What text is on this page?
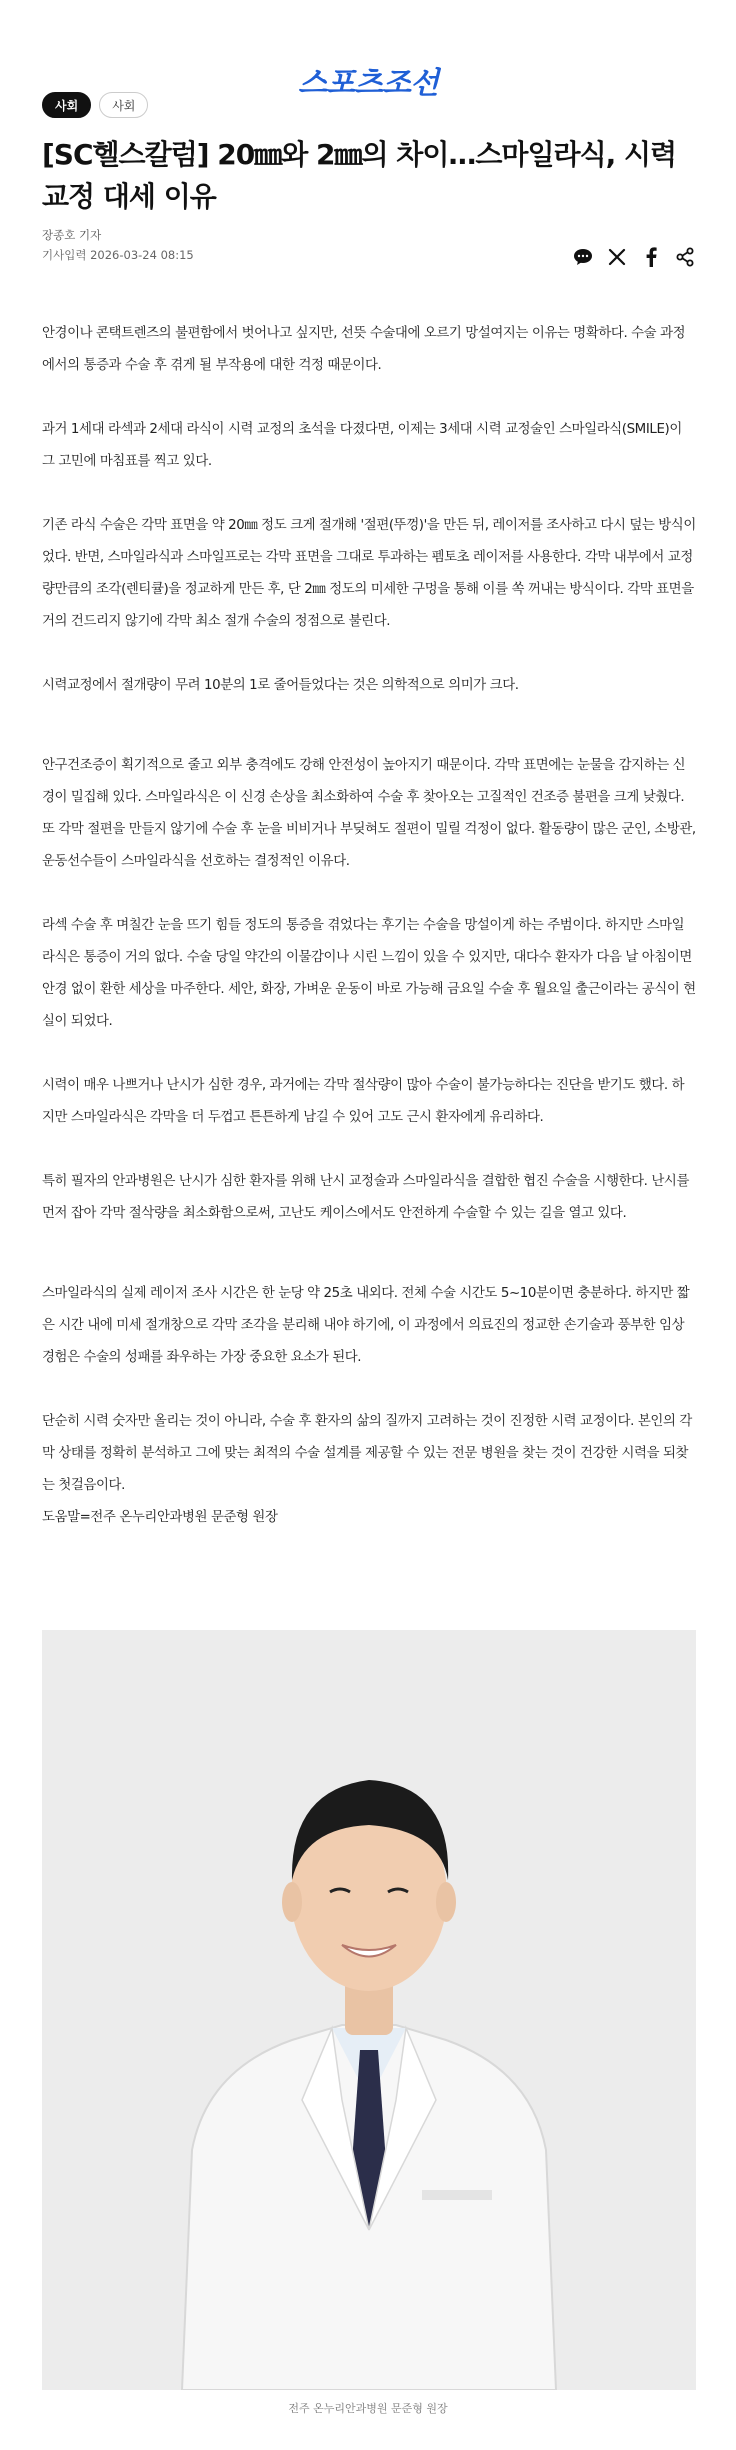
스포츠조선
사회	사회
[SC헬스칼럼] 20㎜와 2㎜의 차이…스마일라식, 시력 교정 대세 이유
장종호 기자
기사입력 2026-03-24 08:15

안경이나 콘택트렌즈의 불편함에서 벗어나고 싶지만, 선뜻 수술대에 오르기 망설여지는 이유는 명확하다. 수술 과정에서의 통증과 수술 후 겪게 될 부작용에 대한 걱정 때문이다.

과거 1세대 라섹과 2세대 라식이 시력 교정의 초석을 다졌다면, 이제는 3세대 시력 교정술인 스마일라식(SMILE)이 그 고민에 마침표를 찍고 있다.

기존 라식 수술은 각막 표면을 약 20㎜ 정도 크게 절개해 '절편(뚜껑)'을 만든 뒤, 레이저를 조사하고 다시 덮는 방식이었다. 반면, 스마일라식과 스마일프로는 각막 표면을 그대로 투과하는 펨토초 레이저를 사용한다. 각막 내부에서 교정량만큼의 조각(렌티큘)을 정교하게 만든 후, 단 2㎜ 정도의 미세한 구멍을 통해 이를 쏙 꺼내는 방식이다. 각막 표면을 거의 건드리지 않기에 각막 최소 절개 수술의 정점으로 불린다.

시력교정에서 절개량이 무려 10분의 1로 줄어들었다는 것은 의학적으로 의미가 크다.

안구건조증이 획기적으로 줄고 외부 충격에도 강해 안전성이 높아지기 때문이다. 각막 표면에는 눈물을 감지하는 신경이 밀집해 있다. 스마일라식은 이 신경 손상을 최소화하여 수술 후 찾아오는 고질적인 건조증 불편을 크게 낮췄다. 또 각막 절편을 만들지 않기에 수술 후 눈을 비비거나 부딪혀도 절편이 밀릴 걱정이 없다. 활동량이 많은 군인, 소방관, 운동선수들이 스마일라식을 선호하는 결정적인 이유다.

라섹 수술 후 며칠간 눈을 뜨기 힘들 정도의 통증을 겪었다는 후기는 수술을 망설이게 하는 주범이다. 하지만 스마일라식은 통증이 거의 없다. 수술 당일 약간의 이물감이나 시린 느낌이 있을 수 있지만, 대다수 환자가 다음 날 아침이면 안경 없이 환한 세상을 마주한다. 세안, 화장, 가벼운 운동이 바로 가능해 금요일 수술 후 월요일 출근이라는 공식이 현실이 되었다.

시력이 매우 나쁘거나 난시가 심한 경우, 과거에는 각막 절삭량이 많아 수술이 불가능하다는 진단을 받기도 했다. 하지만 스마일라식은 각막을 더 두껍고 튼튼하게 남길 수 있어 고도 근시 환자에게 유리하다.

특히 필자의 안과병원은 난시가 심한 환자를 위해 난시 교정술과 스마일라식을 결합한 협진 수술을 시행한다. 난시를 먼저 잡아 각막 절삭량을 최소화함으로써, 고난도 케이스에서도 안전하게 수술할 수 있는 길을 열고 있다.

스마일라식의 실제 레이저 조사 시간은 한 눈당 약 25초 내외다. 전체 수술 시간도 5~10분이면 충분하다. 하지만 짧은 시간 내에 미세 절개창으로 각막 조각을 분리해 내야 하기에, 이 과정에서 의료진의 정교한 손기술과 풍부한 임상 경험은 수술의 성패를 좌우하는 가장 중요한 요소가 된다.

단순히 시력 숫자만 올리는 것이 아니라, 수술 후 환자의 삶의 질까지 고려하는 것이 진정한 시력 교정이다. 본인의 각막 상태를 정확히 분석하고 그에 맞는 최적의 수술 설계를 제공할 수 있는 전문 병원을 찾는 것이 건강한 시력을 되찾는 첫걸음이다.

도움말=전주 온누리안과병원 문준형 원장

전주 온누리안과병원 문준형 원장
